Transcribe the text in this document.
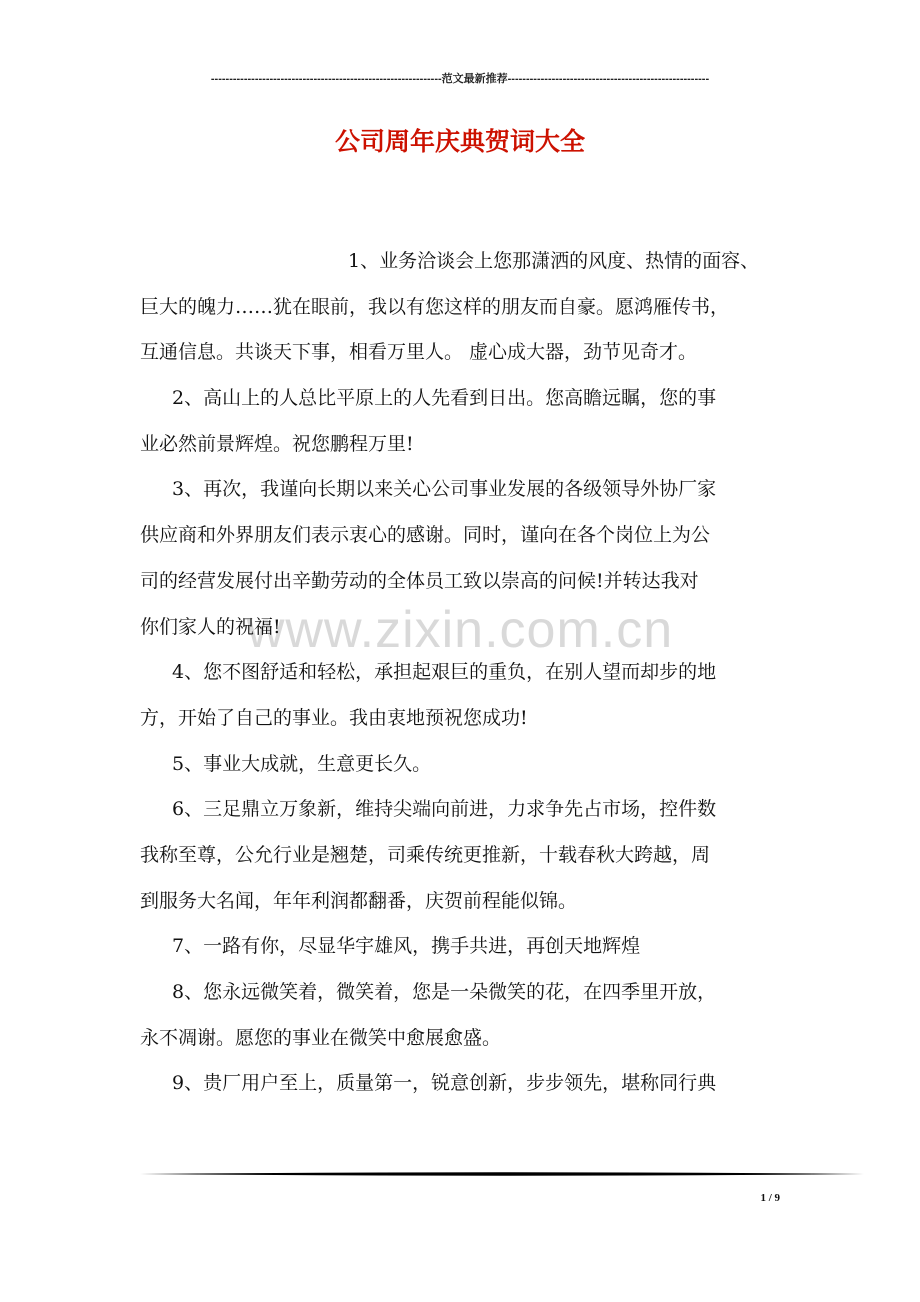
---------------------------------------------------------------范文最新推荐-------------------------------------------------------
公司周年庆典贺词大全
www.zixin.com.cn
1、业务洽谈会上您那潇洒的风度、热情的面容、
巨大的魄力……犹在眼前，我以有您这样的朋友而自豪。愿鸿雁传书，
互通信息。共谈天下事，相看万里人。 虚心成大器，劲节见奇才。
2、高山上的人总比平原上的人先看到日出。您高瞻远瞩，您的事
业必然前景辉煌。祝您鹏程万里!
3、再次，我谨向长期以来关心公司事业发展的各级领导外协厂家
供应商和外界朋友们表示衷心的感谢。同时，谨向在各个岗位上为公
司的经营发展付出辛勤劳动的全体员工致以崇高的问候!并转达我对
你们家人的祝福!
4、您不图舒适和轻松，承担起艰巨的重负，在别人望而却步的地
方，开始了自己的事业。我由衷地预祝您成功!
5、事业大成就，生意更长久。
6、三足鼎立万象新，维持尖端向前进，力求争先占市场，控件数
我称至尊，公允行业是翘楚，司乘传统更推新，十载春秋大跨越，周
到服务大名闻，年年利润都翻番，庆贺前程能似锦。
7、一路有你，尽显华宇雄风，携手共进，再创天地辉煌
8、您永远微笑着，微笑着，您是一朵微笑的花，在四季里开放，
永不凋谢。愿您的事业在微笑中愈展愈盛。
9、贵厂用户至上，质量第一，锐意创新，步步领先，堪称同行典
1 / 9
